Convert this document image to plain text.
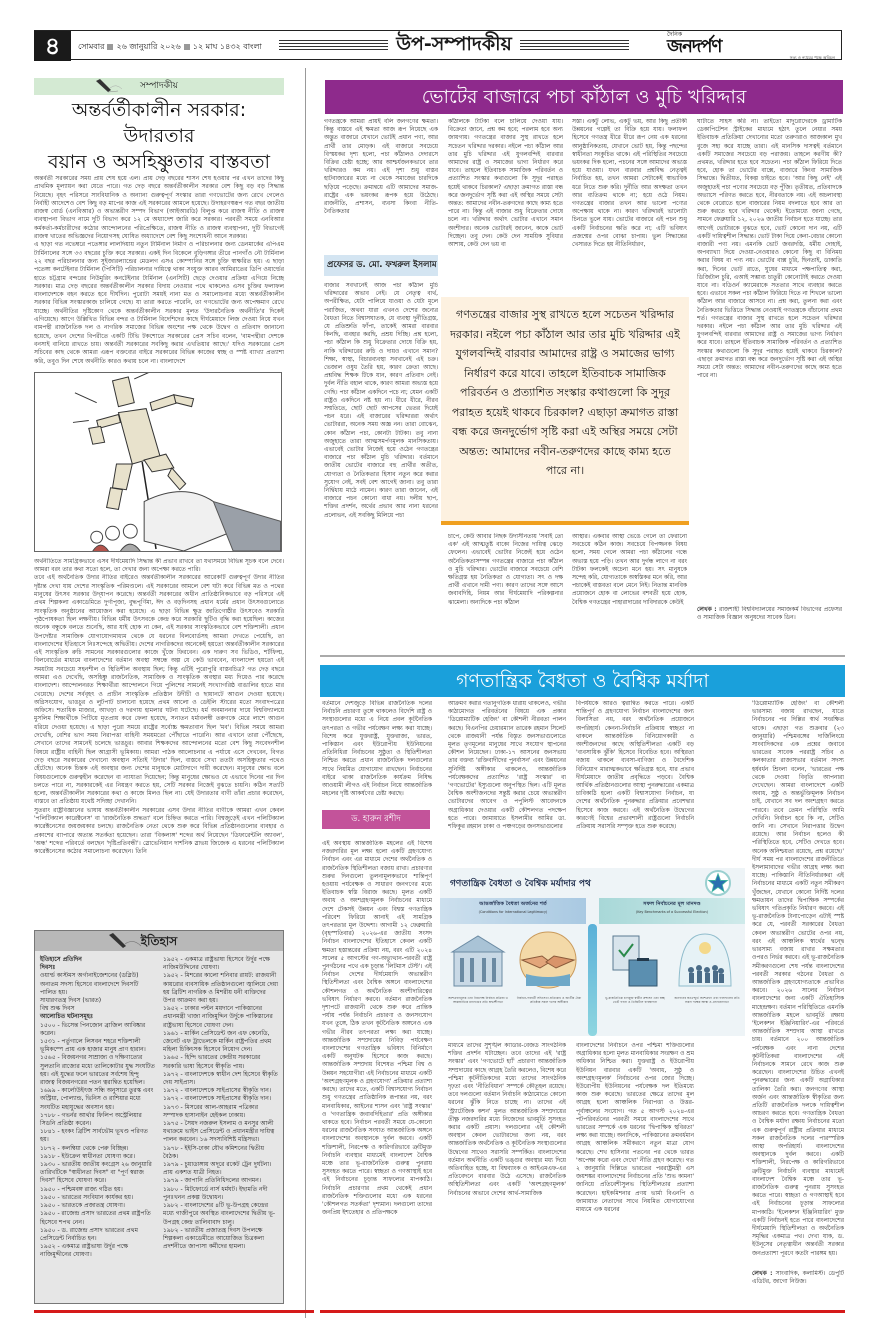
৪	সোমবার ২৬ জানুয়ারি ২০২৬ ১২ মাঘ ১৪৩২ বাংলা	উপ-সম্পাদকীয়	দৈনিক
জনদর্পণ
সত্য ও ন্যায়ের পক্ষে অবিচল
সম্পাদকীয়
অন্তর্বর্তীকালীন সরকার: উদারতার
বয়ান ও অসহিষ্ণুতার বাস্তবতা

অন্তর্বর্তী সরকারের সময় প্রায় শেষ হয়ে এল। প্রায় দেড় বছরের শাসন শেষ হওয়ার পর এখন তাদের কিছু প্রাথমিক মূল্যায়ন করা যেতে পারে। গত দেড় বছরে অন্তর্বর্তীকালীন সরকার বেশ কিছু বড় বড় সিদ্ধান্ত নিয়েছে। বৃহৎ পরিসরে সাংবিধানিক ও অন্যান্য গুরুত্বপূর্ণ সংস্কার তারা গণভোটের জন্য রেখে গেলেও নির্বাহী আদেশেও বেশ কিছু বড় মাপের কাজ এই সরকারের আমলে হয়েছে। উদাহরণস্বরূপ গত বছর জাতীয় রাজস্ব বোর্ড (এনবিআর) ও অভ্যন্তরীণ সম্পদ বিভাগ (আইআরডি) বিলুপ্ত করে রাজস্ব নীতি ও রাজস্ব ব্যবস্থাপনা বিভাগ নামে দুটি বিভাগ করে ১২ মে অধ্যাদেশ জারি করে সরকার। পরবর্তী সময়ে এনবিআর কর্মকর্তা-কর্মচারীদের কঠোর আন্দোলনের পরিপ্রেক্ষিতে, রাজস্ব নীতি ও রাজস্ব ব্যবস্থাপনা, দুটি বিভাগেই রাজস্ব খাতের অভিজ্ঞদের নিয়োগসহ ঘোষিত অধ্যাদেশে বেশ কিছু সংশোধনী আনে সরকার।

এ ছাড়া গত নভেম্বরে পতেঙ্গার লালদিয়ায় নতুন টার্মিনাল নির্মাণ ও পরিচালনার জন্য ডেনমার্কের এপিএম টার্মিনালের সঙ্গে ৩৩ বছরের চুক্তি করে সরকার। একই দিন বিকেলে বুড়িগঙ্গার তীরে পানগাঁও নৌ টার্মিনাল ২২ বছর পরিচালনার জন্য সুইজারল্যান্ডের মেডলগ এসএ কোম্পানির সঙ্গে চুক্তি স্বাক্ষরিত হয়। এ ছাড়া পতেঙ্গা কনটেইনার টার্মিনাল (পিসিটি) পরিচালনার দায়িত্বে থাকা সংযুক্ত আরব আমিরাতের ডিপি ওয়ার্ল্ডের হাতে চট্টগ্রাম বন্দরের নিউমুরিং কনটেইনার টার্মিনাল (এনসিটি) ছেড়ে দেওয়ার প্রক্রিয়া এগিয়ে নিচ্ছে সরকার। মাত্র দেড় বছরের অন্তর্বর্তীকালীন সরকার বিদায় নেওয়ার পথে থাকলেও এসব চুক্তির ফলাফল বাংলাদেশকে বহন করতে হবে দীর্ঘদিন। পুরোটা সময়ই নানা মত ও সমালোচনার মধ্যে অন্তর্বর্তীকালীন সরকার বিভিন্ন সংস্কারকাজ চালিয়ে গেছে। যা তারা করতে পারেনি, তা গণভোটের জন্য অপেক্ষমাণ রেখে যাচ্ছে। অর্থনীতির দৃষ্টিকোণ থেকে অন্তর্বর্তীকালীন সরকার মূলত 'উদারনৈতিক অর্থনীতি'র দিকেই এগিয়েছে। আগে উল্লিখিত বিভিন্ন বন্দর ও টার্মিনাল বিদেশিদের কাছে দীর্ঘমেয়াদে লিজ দেওয়া নিয়ে যখন বামপন্থী রাজনৈতিক দল ও নাগরিক সমাজের বিভিন্ন অংশের পক্ষ থেকে উদ্বেগ ও প্রতিবাদ জানানো হয়েছে, তখন দেশের বিপরীতে একটি টিভি টকশোতে সরকারের প্রেস সচিব বলেন, 'বামপন্থীরা দেশকে বনসাই বানিয়ে রাখতে চায়। অন্তর্বর্তী সরকারের সবকিছু করার এখতিয়ার আছে।' যদিও সরকারের প্রেস সচিবের কাছ থেকে আমরা এরূপ বক্তব্যের বাইরে সরকারের বিভিন্ন কাজের স্বচ্ছ ও স্পষ্ট ব্যাখ্যা প্রত্যাশা করি, তবুও দিন শেষে অর্থনীতি কারও কথায় চলে না। বাংলাদেশে

অর্থনীতিতে সামগ্রিকভাবে এসব দীর্ঘমেয়াদি সিদ্ধান্ত কী প্রভাব রাখবে তা যথাসময়ে বিভিন্ন সূচক বলে দেবে। আমরা বরং তার কথা সত্যে হলে, তা দেখার জন্য অপেক্ষা করতে পারি।

তবে এই অর্থনৈতিক উদার নীতির বাইরেও অন্তর্বর্তীকালীন সরকারের আরেকটি গুরুত্বপূর্ণ উদার নীতির দৃষ্টান্ত দেখা যায় দেশের সাংস্কৃতিক পরিমণ্ডলে। এই সরকারের আমলে বেশ ঘটা করে বিভিন্ন মত ও পথের মানুষের উৎসব সরকার উদ্‌যাপন করেছে। অন্তর্বর্তী সরকারের অধীন প্রাতিষ্ঠানিকভাবে বড় পরিসরে এই প্রথম শিল্পকলা একাডেমিতে দুর্গাপূজা, বুদ্ধপূর্ণিমা, ঈদ ও বড়দিনসহ প্রধান ধর্মের প্রধান উৎসবগুলোতে সাংস্কৃতিক অনুষ্ঠানের আয়োজন করা হয়েছে। এ ছাড়া বিভিন্ন ক্ষুদ্র জাতিগোষ্ঠীর উৎসবেও সরকারি পৃষ্ঠপোষকতা ছিল লক্ষণীয়। বিভিন্ন ধর্মীয় উৎসবকে কেন্দ্র করে সরকারি ছুটিও বৃদ্ধি করা হয়েছিল। কাজের অনেক বন্ধুকে বলতে শুনেছি, আর যাই হোক না কেন, এই সরকার সাংস্কৃতিকভাবে বেশ শক্তিশালী। প্রধান উপদেষ্টার সামাজিক যোগাযোগমাধ্যম থেকে যে ধরনের বিলবোর্ডসহ আমরা দেখতে পেয়েছি, তা বাংলাদেশের ইতিহাসে নিঃসন্দেহে অদ্বিতীয়। দেশের নাগরিকদের অনেকেই হয়তো অন্তর্বর্তীকালীন সরকারের এই সাংস্কৃতিক রুচি সামনের সরকারগুলোর কাজে খুঁজে ফিরবেন। এক দারুণ সব ভিডিও, শর্টফিল্ম, বিলবোর্ডের মাধ্যমে বাংলাদেশের বর্তমান অবস্থা সম্বন্ধে অল্প যে কেউ ভাববেন, বাংলাদেশ হয়তো এই সময়টায় সবচেয়ে সহনশীল ও স্থিতিশীল অবস্থায় ছিল; কিন্তু এটিই পুরোপুরি বাস্তবচিত্র? গত দেড় বছরে আমরা এও দেখেছি, অসহিষ্ণু রাজনৈতিক, সামাজিক ও সাংস্কৃতিক অবস্থার মধ্য দিয়েও পার করেছে বাংলাদেশ। আন্দোলনরত শিক্ষার্থীরা আন্দোলনে গিয়ে পুলিশের সামনেই সংখ্যাগরিষ্ঠ বাঙালির হাতে মার খেয়েছে। দেশের সর্ববৃহৎ ও প্রাচীন সাংস্কৃতিক প্রতিষ্ঠান উদীচী ও ছায়ানটে আগুন দেওয়া হয়েছে। অগ্নিসংযোগ, ভাঙচুর ও লুটপাট চালানো হয়েছে প্রথম আলো ও ডেইলি স্টারের মতো সংবাদপত্রের অফিসে। শতাধিক মাজার, আখড়া ও দরগায় হামলার ঘটনা ঘটেছে। ধর্ম অবমাননার দায়ে বিশ্ববিদ্যালয়ে মুসলিম শিক্ষার্থীকে পিটিয়ে মৃতপ্রায় করে ফেলা হয়েছে, সনাতন ধর্মাবলম্বী তরুণকে মেরে লাশে আগুন ধরিয়ে দেওয়া হয়েছে। এ ছাড়া পুরো সময়ে রাষ্ট্রের সর্বোচ্চ ক্ষমতাবান ছিল 'মব'। বিভিন্ন সময়ে আমরা দেখেছি, বেশির ভাগ সময় নিরাপত্তা বাহিনী সময়মতো পৌঁছাতে পারেনি। আর এখানে তারা পৌঁছেছে, সেখানে তাদের সামনেই চলেছে ভাঙচুর। আবার শিক্ষকদের আন্দোলনের মতো বেশ কিছু সংবেদনশীল বিষয়ে রাষ্ট্রীয় বাহিনী ছিল আগ্রাসী ভূমিকায়। আমরা পাঠক আলোচনার এ পর্যায়ে এসে দেখবেন, বিগত দেড় বছরে সরকারের দেখানো অবস্থান সত্যিই 'উদার' ছিল, বাস্তবে সেখা ততটা অসহিষ্ণুতার পথেও হেঁটেছে। অনেক চিন্তক এই অবস্থার জন্য দেশের মানুষকে মোটাদাগে দায়ী করেছেন। মানুষের ক্ষোভ বলে বিষয়গুলোকে গুরুত্বহীন করেছেন বা ন্যায্যতা দিয়েছেন; কিন্তু মানুষের ক্ষোভও যে এভাবে দিনের পর দিন চলতে পারে না, সরকারকেই এর নিয়ন্ত্রণ করতে হয়, সেটি সরকার নিজেই বুঝতে চায়নি। কঠিন সত্যটি হলো, অন্তর্বর্তীকালীন সরকারের কথা ও কাজে মিলও ছিল না। যেই উদারতার বাণী তাঁরা প্রচার করেছেন, বাস্তবে তা প্রতিষ্ঠায় যথেষ্ট সদিচ্ছা দেখাননি।

সুতরাং রাষ্ট্রবিজ্ঞানের ভাষায় অন্তর্বর্তীকালীন সরকারের এসব উদার নীতির বাণীকে আমরা এখন কেবল 'পলিটিক্যাল কারেক্টনেস' বা 'রাজনৈতিক শুদ্ধতা' বলে চিহ্নিত করতে পারি। বিশ্বজুড়েই এখন পলিটিক্যাল কারেক্টনেসের জয়জয়কার চলছে। রাজনৈতিক নেতা থেকে শুরু করে বিভিন্ন প্রতিষ্ঠানগুলোর ব্যবহার ও প্রকাশের ব্যাপারে অত্যন্ত সতর্কতা হয়েছেন। তারা 'বিকলাঙ্গ' শব্দের অর্থ নিয়েছেন 'ডিফারেন্টলি অ্যাবল', 'অন্ধ' শব্দের পরিবর্তে বলছেন 'দৃষ্টিপ্রতিবন্ধী'। স্লোভেনিয়ান দার্শনিক স্লাভয় জিজেক এ ধরনের পলিটিক্যাল কারেক্টনেসের কঠোর সমালোচনা করেছেন। তিনি

ইতিহাস
ইতিহাসে প্রতিদিন
দিবসঃ
ওয়ার্ল্ড কাস্টমস অর্গানাইজেশনের (ডব্লিউ) অন্যতম সদস্য হিসেবে বাংলাদেশে দিবসটি পালিত হয়।
সাধারণতন্ত্র দিবস (ভারত)
বিশ্ব শুল্ক দিবস
আলোচিত ঘটনাসমূহঃ
১৫০০ - ভিসেন্ত পিনজোন ব্রাজিল আবিষ্কার করেন।
১৫৩১ - পর্তুগালে লিসবন শহরে শক্তিশালী ভূমিকম্পে প্রায় এক হাজার মানুষ প্রাণ হারান।
১৫৬৫ - বিজয়নগর সাম্রাজ্য ও দক্ষিণাত্যের সুলতানি রাজ্যের মধ্যে তালিকোটার যুদ্ধ সংঘটিত হয়। এই যুদ্ধের ফলে ভারতের সর্বশেষ হিন্দু রাজত্ব বিজয়নগরের পতন ত্বরান্বিত হয়েছিল।
১৬৯৯ - কার্লোউইৎজ সন্ধি অনুসারে তুরস্ক এবং অস্ট্রিয়া, পোল্যান্ড, ভিনিস ও রাশিয়ার মধ্যে সংঘটিত মহাযুদ্ধের অবসান হয়।
১৭৮৮ - গভর্নর আর্থার ফিলিপ অস্ট্রেলিয়ার সিডনি প্রতিষ্ঠা করেন।
১৮৪১ - হংকং ব্রিটিশ সার্বভৌম ভূখণ্ড পরিণত হয়।
১৮৭২ - কলম্বিয়া থেকে পেরু বিচ্ছিন্ন।
১৯১৮ - ইউক্রেন স্বাধীনতা ঘোষণা করে।
১৯৩০ - ভারতীয় জাতীয় কংগ্রেস ২৬ জানুয়ারি তারিখটিকে "স্বাধীনতা দিবস" বা "পূর্ণ স্বরাজ দিবস" হিসেবে ঘোষণা করে।
১৯৫০ - পশ্চিমবঙ্গ রাজ্য গঠিত হয়।
১৯৫০ - ভারতের সংবিধান কার্যকর হয়।
১৯৫০ - ভারতকে প্রজাতন্ত্র ঘোষণা।
১৯৫০ - রাজেন্দ্র প্রসাদ ভারতের প্রথম রাষ্ট্রপতি হিসেবে শপথ নেন।
১৯৫০ - ড. রাজেন্দ্র প্রসাদ ভারতের প্রথম প্রেসিডেন্ট নির্বাচিত হন।
১৯৫২ - একমাত্র রাষ্ট্রভাষা উর্দুর পক্ষে নাজিমুদ্দীনের ঘোষণা।
১৯৫২ - একমাত্র রাষ্ট্রভাষা হিসেবে উর্দুর পক্ষে নাজিমউদ্দিনের ঘোষণা।
১৯৫২ - মিশরের কালো শনিবার রায়ট: রাজধানী কায়রোর ব্যবসায়িক প্রতিষ্ঠানগুলো জ্বালিয়ে দেয়া হয় ব্রিটিশ নাগরিক ও মিশরীয় ধনী ব্যক্তিদের উপর আক্রমণ করা হয়।
১৯৫২ - ঢাকার পল্টন ময়দানে পাকিস্তানের প্রধানমন্ত্রী খাজা নাজিমুদ্দিন উর্দুকে পাকিস্তানের রাষ্ট্রভাষা হিসেবে ঘোষণা দেন।
১৯৬১ - মার্কিন প্রেসিডেন্ট জন এফ কেনেডি, জেনেট এফ ট্রাভেলকে মার্কিন রাষ্ট্রপতির প্রথম মহিলা চিকিৎসক হিসেবে নিয়োগ দেন।
১৯৬৫ - হিন্দি ভারতের কেন্দ্রীয় সরকারের সরকারি ভাষা হিসেবে স্বীকৃতি পায়।
১৯৭২ - বাংলাদেশকে স্বাধীন দেশ হিসেবে স্বীকৃতি দেয় সাইপ্রাস।
১৯৭২ - বাংলাদেশকে সাইপ্রাসের স্বীকৃতি দান।
১৯৭২ - বাংলাদেশকে সাইপ্রাসের স্বীকৃতি দান।
১৯৭৩ - মিসরের আল-আহরাম পত্রিকার সম্পাদক হাসানাইন হেইকল ঢাকায়।
১৯৭৫ - সৈয়দ নজরুল ইসলাম ও মনসুর আলী যথাক্রমে ভাইস প্রেসিডেন্ট ও প্রধানমন্ত্রীর দায়িত্ব পালন করবেন। ১৬ সদস্যবিশিষ্ট মন্ত্রিসভা।
১৯৭৮ - ইইসি-ঢাকা যৌথ কমিশনের দ্বিতীয় বৈঠক।
১৯৭৯ - চুয়াডাঙ্গায় অদূরে রকেট ট্রেন দুর্ঘটনা। প্রায় একশত যাত্রী নিহত।
১৯৭৯ - জাপানি প্রতিনিধিদলের আগমন।
১৯৮০ - মিটফোর্ডে নার্স ধর্মঘট। ইছামতি নদী পুনঃখনন প্রকল্প উদ্বোধন।
১৯৮২ - বাংলাদেশের ৪টি ভূ-উপগ্রহ কেন্দ্রের মধ্যে গাজীপুরে অবস্থিত বাংলাদেশের দ্বিতীয় ভূ-উপগ্রহ কেন্দ্র তালিবাবাদ চালু।
১৯৮২ - ভারতীয় প্রজাতন্ত্র দিবস উপলক্ষে শিল্পকলা একাডেমীতে আয়োজিত চিত্রকলা প্রদর্শনীতে জাপাসা কর্মীদের হামলা।
ভোটের বাজারে পচা কাঁঠাল ও মুচি খরিদ্দার
গণতন্ত্রকে আমরা প্রায়ই বলি জনগণের ক্ষমতা। কিন্তু বাস্তবে এই ক্ষমতা আজ রূপ নিয়েছে এক অদ্ভুত বাজারে যেখানে ভোটই প্রধান পণ্য, আর প্রার্থী তার মোড়ক। এই বাজারে সবচেয়ে বিস্ময়কর দৃশ্য হলো, পচা কাঁঠালও দেদারসে বিক্রির চেষ্টা হচ্ছে; আর আশ্চর্যজনকভাবে তার খরিদ্দারও কম নয়। এই দৃশ্য শুধু বাস্তব হাটবাজারের মধ্যে না থেকে সমাজের চারদিকে ছড়িয়ে পড়েছে। ক্রমান্বয়ে এটি আমাদের সমাজ-রাষ্ট্রের এক ভয়ংকর রূপক হয়ে উঠেছে। রাজনীতি, প্রশাসন, ব্যবসা কিংবা নীতি-নৈতিকতার
প্রফেসর ড. মো. ফখরুল ইসলাম
বাজার সবখানেই আজ পচা কাঁঠাল মুচি খরিদ্দারের অভাব নেই। যে নেতৃত্ব ব্যর্থ, অপরীক্ষিত, যেটা পালিয়ে যাওয়া ও যেটা মূলে পরাজিত, অথবা যারা এখনও দেশের জন্যের বৈধতা নিতে বিশ্বাসঘাতক, যে ব্যবস্থা দুর্নীতিগ্রস্ত, যে প্রতিশ্রুতি ফাঁপা, তাকেই আমরা বারবার কিনছি, ব্যবহার করছি, প্রশ্রয় দিচ্ছি। প্রশ্ন হলো, পচা কাঁঠাল কি শুধু বিক্রেতার দোষে বিক্রি হয়, নাকি খরিদ্দারের রুচি ও দায়ও এখানে সমান? শিক্ষা, স্বাস্থ্য, বিচারব্যবস্থা সবখানেই এই চক্র। ভেজাল ওষুধ তৈরি হয়, কারণ ক্রেতা আছে। প্রশ্নবিদ্ধ শিক্ষক টিকে যান, কারণ প্রতিবাদ নেই। দুর্বল নীতি বহাল থাকে, কারণ আমরা অভ্যস্ত হয়ে গেছি। পচা কাঁঠাল একদিনে পচে না; যেমন একটি রাষ্ট্রও একদিনে নষ্ট হয় না। ধীরে ধীরে, নীরব সম্মতিতে, ছোট ছোট আপসের ভেতর দিয়েই পচন ধরে। এই বাজারের খরিদ্দাররা অর্থাৎ ভোটাররা, অনেক সময় অজ্ঞ নন। তারা বোঝেন, কোন কাঁঠাল পচা, কোনটা টাটকা। তবু নানা অজুহাতে তারা আত্মসমর্পণমূলক মানসিকতায়। এভাবেই ভোটার নিজেই হয়ে ওঠেন গণতন্ত্রের বাজারে পচা কাঁঠাল মুচি খরিদ্দার। বর্তমানে জাতীয় ভোটের বাজারে বহু প্রার্থীর অতীত, যোগ্যতা ও নৈতিকতার হিসাব নতুন করে করার সুযোগ নেই, সবই বেশ আগেই জানা। তবু তারা নির্দ্বিধায় মাঠে নামেন। কারণ তারা জানেন, এই বাজারে পচন কোনো বাধা নয়। দলীয় ছাপ, শক্তির প্রদর্শন, অর্থের প্রভাব আর নানা ধরনের প্রলোভন, এই সবকিছু মিলিয়ে পচা
কাঁঠালকে টাটকা বলে চালিয়ে দেওয়া যায়। বিক্রেতা জানে, প্রশ্ন কম হবে; পরলাম হবে অন্য জায়গায়। গণতন্ত্রের বাজার সুস্থ রাখতে হলে সচেতন খরিদ্দার দরকার। নইলে পচা কাঁঠাল আর তার মুচি খরিদ্দার এই যুগলবন্দিই বারবার আমাদের রাষ্ট্র ও সমাজের ভাগ্য নির্ধারণ করে যাবে। তাহলে ইতিবাচক সামাজিক পরিবর্তন ও প্রত্যাশিত সংস্কার কথাগুলো কি সুদূর পরাহত হয়েই থাকবে চিরকাল? এছাড়া ক্রমাগত রাস্তা বন্ধ করে জনদুর্ভোগ সৃষ্টি করা এই অস্থির সময়ে সেটা অন্তত: আমাদের নবীন-তরুণদের কাছে কাম্য হতে পারে না। কিন্তু এই বাজার শুধু বিক্রেতার দোষে চলে না। খরিদ্দার অর্থাৎ ভোটার এখানে সমান অংশীদার। অনেক ভোটারই জানেন, কাকে ভোট দিচ্ছেন। তবু দেন। কেউ দেন সাময়িক সুবিধার আশায়, কেউ দেন ভয় বা
চাপে, কেউ আবার নিছক উদাসীনতায় 'সবাই তো এক' এই আত্মতুষ্ট বাক্যে নিজের দায়িত্ব ঝেড়ে ফেলেন। এভাবেই ভোটার নিজেই হয়ে ওঠেন অনৈতিকতাসম্পন্ন গণতন্ত্রের বাজারে পচা কাঁঠাল ও মুচি খরিদ্দার। ভোটের বাজারে সবচেয়ে বেশি ক্ষতিগ্রস্ত হয় নৈতিকতা ও যোগ্যতা। সৎ ও দক্ষ প্রার্থী এখানে দামী পণ্য। কারণ তাদের সঙ্গে আসে জবাবদিহি, নিয়ম আর দীর্ঘমেয়াদি পরিকল্পনার ঝামেলা। অন্যদিকে পচা কাঁঠাল
সস্তা। একটু লোভ, একটু ভয়, আর কিছু প্রতীকী উন্নয়নের গল্পেই তা বিক্রি হয়ে যায়। ফলাফল হিসেবে গণতন্ত্র ধীরে ধীরে রূপ নেয় এক ধরনের আনুষ্ঠানিকতায়, যেখানে ভোট হয়, কিন্তু পছন্দের স্বাধীনতা সংকুচিত থাকে। এই পরিস্থিতির সবচেয়ে ভয়ংকর দিক হলো, পচনের সঙ্গে আমাদের অভ্যস্ত হয়ে যাওয়া। যখন বারবার প্রশ্নবিদ্ধ নেতৃত্বই নির্বাচিত হয়, তখন আমরা সেটাকেই স্বাভাবিক ধরে নিতে শুরু করি। দুর্নীতি আর অদক্ষতা তখন আর ব্যতিক্রম থাকে না; হয়ে ওঠে নিয়ম। গণতন্ত্রের বাজার তখন আর ভালো পণ্যের অপেক্ষায় থাকে না। কারণ খরিদ্দারই ভালোটা চিনতে ভুলে যায়। ভোটের বাজারে এই পচন শুধু একটি নির্বাচনের ক্ষতি করে না; এটি ভবিষ্যৎ প্রজন্মের ওপর বোঝা চাপায়। ভুল সিদ্ধান্তের খেসারত দিতে হয় নীতিনির্ধারণ,
আস্থার। একবার আস্থা ভেঙে গেলে তা ফেরানো সবচেয়ে কঠিন কাজ। সবচেয়ে বিপজ্জনক বিষয় হলো, সময় গেলে আমরা পচা কাঁঠালের গন্ধে অভ্যস্ত হয়ে পড়ি। তখন আর দুর্গন্ধ লাগে না বরং টাটকা ফলকেই অচেনা মনে হয়। সৎ মানুষকে সন্দেহ করি, যোগ্যতাকে অস্বস্তিকর মনে করি, আর পচাকেই বাস্তবতা বলে মেনে নিই। নিতান্ত মানবিক প্রয়োজনে হোক বা লোভের বশবর্তী হয়ে হোক, বৈশ্বিক গণতন্ত্রের পাহারাদারের দাবিদারকে কেউই
ঘাটাতে সাহস করি না। তাইতো মাদুরোদেরকে ড্রামাটিক ডেকাপিটেশন স্ট্রাইকের মাধ্যমে হঠাৎ তুলে নেয়ার সময় ইতিবাচক প্রতিক্রিয়া দেখানোর মতো তরুণরাও আজকাল মুখ বুজে সহ্য করে যাচ্ছে তারা। এই মানসিক দাসত্বই বর্তমানে একটি সমাজের সবচেয়ে বড় পরাজয়। তাহলে করণীয় কী? প্রথমত, খরিদ্দার হতে হবে সচেতন। পচা কাঁঠাল ফিরিয়ে দিতে হবে, হোক তা ভোটের বাক্সে, বাজারে কিংবা সামাজিক সিদ্ধান্তে। দ্বিতীয়ত, বিকল্প চাইতে হবে। 'আর কিছু নেই' এই অজুহাতই পচা পণ্যের সবচেয়ে বড় পুঁজি। তৃতীয়ত, প্রতিবাদকে অভ্যাসে পরিণত করতে হবে, নীরবতাকে নয়। এই অচলাবস্থা থেকে বেরোতে হলে বাজারের নিয়ম বদলাতে হবে আর তা শুরু করতে হবে খরিদ্দার থেকেই। ইতোমধ্যে জানা গেছে, সামনে ফেব্রুয়ারি ১২, ২০২৬ জাতীয় নির্বাচন হতে যাচ্ছে। তার আগেই ভোটারকে বুঝতে হবে, ভোট কোনো দান নয়, এটি একটি দায়িত্বশীল সিদ্ধান্ত। ভোট টাকা দিয়ে কেনা-বেচার কোনো বাজারী পণ্য নয়। এমনকি ভোট জবরদস্তি, ধর্মীয় দোহাই, অপব্যাখ্যা দিয়ে দেওয়া-নেওয়ারও কোনো কিছু বা বিনিময় করার বিষয় বা পণ্য নয়। ভোটের বাক্স চুরি, ছিনতাই, ডাকাতি করা, দিনের ভোট রাতে, ঘুষের মাধ্যমে পক্ষপাতিত্ব করা, ডিজিটাল চুরি, এআই সম্ভাব্য চাতুরী কোনোটাই করতে দেওয়া যাবে না। বডিওর্ন ক্যামেরাকে সততার সাথে ব্যবহার করতে হবে। এভাবে সকল পচা কাঁঠাল ফিরিয়ে দিতে না শিখলে ভালো কাঁঠাল আর বাজারে আসবে না। প্রশ্ন করা, তুলনা করা এবং নৈতিকতার ভিত্তিতে সিদ্ধান্ত নেওয়াই গণতন্ত্রকে বাঁচানোর প্রথম শর্ত। গণতন্ত্রের বাজার সুস্থ রাখতে হলে সচেতন খরিদ্দার দরকার। নইলে পচা কাঁঠাল আর তার মুচি খরিদ্দার এই যুগলবন্দিই বারবার আমাদের রাষ্ট্র ও সমাজের ভাগ্য নির্ধারণ করে যাবে। তাহলে ইতিবাচক সামাজিক পরিবর্তন ও প্রত্যাশিত সংস্কার কথাগুলো কি সুদূর পরাহত হয়েই থাকবে চিরকাল? এছাড়া ক্রমাগত রাস্তা বন্ধ করে জনদুর্ভোগ সৃষ্টি করা এই অস্থির সময়ে সেটা অন্তত: আমাদের নবীন-তরুণদের কাছে কাম্য হতে পারে না।
লেখক : রাজশাহী বিশ্ববিদ্যালয়ের সমাজকর্ম বিভাগের প্রফেসর ও সামাজিক বিজ্ঞান অনুষদের সাবেক ডিন।
গণতন্ত্রের বাজার সুস্থ রাখতে হলে সচেতন খরিদ্দার দরকার। নইলে পচা কাঁঠাল আর তার মুচি খরিদ্দার এই যুগলবন্দিই বারবার আমাদের রাষ্ট্র ও সমাজের ভাগ্য নির্ধারণ করে যাবে। তাহলে ইতিবাচক সামাজিক পরিবর্তন ও প্রত্যাশিত সংস্কার কথাগুলো কি সুদূর পরাহত হয়েই থাকবে চিরকাল? এছাড়া ক্রমাগত রাস্তা বন্ধ করে জনদুর্ভোগ সৃষ্টি করা এই অস্থির সময়ে সেটা অন্তত: আমাদের নবীন-তরুণদের কাছে কাম্য হতে পারে না।
গণতান্ত্রিক বৈধতা ও বৈশ্বিক মর্যাদা
বর্তমানে দেশজুড়ে বিভিন্ন রাজনৈতিক দলের নির্বাচনি প্রচারণা তুঙ্গে থাকলেও বিদেশি রাষ্ট্র ও সংস্থাগুলোর মধ্যে এ নিয়ে প্রবল কূটনৈতিক তৎপরতা ও গভীর পর্যবেক্ষণ লক্ষ্য করা যাচ্ছে। বিশেষ করে যুক্তরাষ্ট্র, যুক্তরাজ্য, ভারত, পাকিস্তান এবং ইউরোপীয় ইউনিয়নের প্রতিনিধিরা নির্বাচনের সুষ্ঠুতা ও স্থিতিশীলতা নিশ্চিত করতে প্রধান রাজনৈতিক দলগুলোর সাথে নিয়মিত যোগাযোগ রাখছেন। নির্বাচনের বাইরে থাকা রাজনৈতিক কার্যক্রম নিষিদ্ধ আওয়ামী লীগও এই নির্বাচন নিয়ে আন্তর্জাতিক মহলের দৃষ্টি আকর্ষণের চেষ্টা করছে।
ড. হারুন রশীদ
এই অবস্থায় আন্তর্জাতিক মহলের এই বিশেষ নজরদারির মূল লক্ষ্য হলো একটি গ্রহণযোগ্য নির্বাচন এবং এর মাধ্যমে দেশের অর্থনৈতিক ও রাজনৈতিক স্থিতিশীলতা বজায় রাখা। প্রচারণার শুরুর দিনগুলো তুলনামূলকভাবে শান্তিপূর্ণ হওয়ায় পর্যবেক্ষক ও সাধারণ জনগণের মধ্যে ইতিবাচক স্বস্তি বিরাজ করছে। মূলত একটি অবাধ ও অংশগ্রহণমূলক নির্বাচনের মাধ্যমে দেশে টেকসই উন্নয়ন এবং বিশ্বস্ত গণতান্ত্রিক পরিবেশ ফিরিয়ে আনাই এই সামগ্রিক তৎপরতার মূল উদ্দেশ্য। আগামী ১২ ফেব্রুয়ারি (বৃহস্পতিবার) ২০২৬-এর জাতীয় সংসদ নির্বাচন বাংলাদেশের ইতিহাসে কেবল একটি ক্ষমতা হস্তান্তরের প্রক্রিয়া নয়, বরং এটি ২০২৪ সালের ৫ আগস্টের গণ-অভ্যুত্থান-পরবর্তী রাষ্ট্র পুনর্গঠনের পথে এক চূড়ান্ত 'লিটমাস টেস্ট'। এই নির্বাচন দেশের দীর্ঘমেয়াদি অভ্যন্তরীণ স্থিতিশীলতা এবং বৈশ্বিক অঙ্গনে বাংলাদেশের কৌশলগত ও অর্থনৈতিক অংশীদারিত্বের ভবিষ্যৎ নির্ধারণ করবে। বর্তমান রাজনৈতিক দৃশ্যপটে রাজধানী থেকে শুরু করে প্রান্তিক পর্যায় পর্যন্ত নির্বাচনি প্রচারণা ও জনসংযোগ যখন তুঙ্গে, ঠিক তখন কূটনৈতিক অঙ্গনেও এক গভীর নীরব তৎপরতা লক্ষ্য করা যাচ্ছে। আন্তর্জাতিক সম্প্রদায়ের নিবিড় পর্যবেক্ষণ বাংলাদেশের গণতান্ত্রিক ভবিষ্যৎ বিনির্মাণে একটি অনুঘটক হিসেবে কাজ করছে। আন্তর্জাতিক সম্প্রদায় বিশেষত পশ্চিমা বিশ্ব ও উন্নয়ন সহযোগীরা এই নির্বাচনের মাধ্যমে একটি 'অংশগ্রহণমূলক ও গ্রহণযোগ্য' প্রক্রিয়ার প্রত্যাশা করছে। তাদের মতে, একটি বিশ্বাসযোগ্য নির্বাচন শুধু গণতন্ত্রের প্রাতিষ্ঠানিক রূপান্তর নয়, বরং মানবাধিকার, আইনের শাসন এবং 'রাষ্ট্র সংস্কার' ও 'গণতান্ত্রিক জবাবদিহিতার' প্রতি অঙ্গীকার থাকতে হবে। নির্বাচন পরবর্তী সময়ে যে-কোনো ধরনের রাজনৈতিক সংঘাত আন্তর্জাতিক অঙ্গনে বাংলাদেশের অবস্থানকে দুর্বল করবে। একটি শক্তিশালী, নিরপেক্ষ ও কারিগরিভাবে ত্রুটিমুক্ত নির্বাচনি ব্যবস্থার মাধ্যমেই বাংলাদেশ বৈশ্বিক মঞ্চে তার ভূ-রাজনৈতিক গুরুত্ব পুনরায় সুসংহত করতে পারে। স্বচ্ছতা ও গণআস্থাই হবে এই নির্বাচনের চূড়ান্ত সাফল্যের মাপকাঠি। নির্বাচনি প্রচারণার প্রথম থেকেই প্রধান রাজনৈতিক শক্তিগুলোর মধ্যে এক ধরনের 'কৌশলগত সতর্কতা' দৃশ্যমান। দলগুলো তাদের জনপ্রিয় ইশতেহার ও প্রতিপক্ষকে
আক্রমণ করার গতানুগতিক ধারায় থাকলেও, গভীর কাঠামোগত পরিবর্তনের বিষয়ে এক প্রকার 'ডিপ্লোম্যাটিক হেজিং' বা কৌশলী নীরবতা পালন করছে। বিএনপির চেয়ারম্যান তারেক রহমান সিলেট থেকে রাজধানী পর্যন্ত বিস্তৃত জনসভাগুলোতে মূলত তৃণমূলের মানুষের সাথে সংযোগ স্থাপনের কৌশল নিয়েছেন। ঢাকা-১৭ আসনের জনসভায় তার বক্তব্য 'রক্তিবাদীদের পুনর্বাসন' এবং উন্নয়নের সুনির্দিষ্ট অঙ্গীকার থাকলেও, আন্তর্জাতিক পর্যবেক্ষকদের প্রত্যাশিত 'রাষ্ট্র সংস্কার' বা 'গণভোটের' ইস্যুগুলো অনুপস্থিত ছিল। এটি মূলত বৈশ্বিক অংশীজনদের সন্তুষ্ট করার চেয়ে অভ্যন্তরীণ ভোটারদের আবেগ ও পপুলিস্ট আবেদনকে অগ্রাধিকার দেওয়ার একটি কৌশলগত পদক্ষেপ হতে পারে। জামায়াতে ইসলামীর আমির ডা. শফিকুর রহমান ঢাকা ও পঞ্চগড়ের জনসভাগুলোর
মাধ্যমে তাদের সুশৃঙ্খল ক্যাডার-বেজড সাংগঠনিক শক্তির প্রদর্শন ঘটাচ্ছেন। তবে তাদের এই 'রাষ্ট্র সংস্কার' এবং 'গণভোটে হ্যাঁ' প্রচারণা আন্তর্জাতিক সম্প্রদায়ের কাছে আগ্রহ তৈরি করলেও, বিশেষ করে পশ্চিমা কূটনীতিকদের মধ্যে তাদের সাংগঠনিক দৃঢ়তা এবং 'নীতিবিধান' সম্পর্কে কৌতূহল রয়েছে। তবে দলগুলো বর্তমান নির্বাচনি কাঠামোতে কোনো ধরনের ঝুঁকি নিতে চাচ্ছে না। তাদের এই 'স্ট্র্যাটেজিক কশন' মূলত আন্তর্জাতিক সম্প্রদায়ের তীক্ষ্ণ নজরদারির মধ্যে নিজেদের ভাবমূর্তি সুসংহত করার একটি প্রয়াস। দলগুলোর এই কৌশলী অবস্থান কেবল ভোটারদের জন্য নয়, বরং আন্তর্জাতিক অর্থনৈতিক ও কূটনৈতিক সংস্থাগুলোর উদ্বেগের সাথেও সরাসরি সম্পর্কিত। বাংলাদেশের বর্তমান অর্থনীতি একটি ভঙ্গুর অবস্থার মধ্য দিয়ে অতিবাহিত হচ্ছে, যা বিশ্বব্যাংক ও আইএমএফ-এর প্রতিবেদনে বারবার উঠে এসেছে। রাজনৈতিক অস্থিতিশীলতা এবং একটি 'অংশগ্রহণমূলক' নির্বাচনের অভাবে দেশের আর্থ-সামাজিক
বিপর্যয়কে আরও ত্বরান্বিত করতে পারে। একটি শান্তিপূর্ণ ও গ্রহণযোগ্য নির্বাচন বাংলাদেশের জন্য বিলাসিতা নয়, বরং অর্থনৈতিক প্রয়োজনে অপরিহার্য। কেননা-নির্বাচনি প্রক্রিয়ায় স্বচ্ছতা না থাকলে আন্তর্জাতিক বিনিয়োগকারী ও অংশীজনদের কাছে অস্থিতিশীলতা একটি বড় 'ব্যবসায়িক ঝুঁকি' হিসেবে বিবেচিত হবে। অস্থিরতা বজায় থাকলে ব্যবসা-বাণিজ্য ও বৈদেশিক বিনিয়োগ মারাত্মকভাবে ক্ষতিগ্রস্ত হবে, যার প্রভাব দীর্ঘমেয়াদে জাতীয় প্রবৃদ্ধিতে পড়বে। বৈশ্বিক আর্থিক প্রতিষ্ঠানগুলোর আস্থা পুনরুদ্ধারের একমাত্র চাবিকাঠি হলো একটি বিশ্বাসযোগ্য নির্বাচন, যা দেশের অর্থনৈতিক পুনরুদ্ধার প্রক্রিয়ার প্রবেশদ্বার হিসেবে কাজ করবে। এই অর্থনৈতিক উদ্বেগের কারণেই বিশ্বের প্রভাবশালী রাষ্ট্রগুলো নির্বাচনি প্রক্রিয়ায় সরাসরি সম্পৃক্ত হতে শুরু করেছে।
বাংলাদেশের নির্বাচনে ওপর পশ্চিমা শক্তিগুলোর অগ্রাধিকার হলো মূলত মানবাধিকার সংরক্ষণ ও শ্রম অধিকার নিশ্চিত করা। যুক্তরাষ্ট্র ও ইউরোপীয় ইউনিয়ন বারবার একটি 'অবাধ, সুষ্ঠু ও অংশগ্রহণমূলক' নির্বাচনের ওপর জোর দিচ্ছে। ইউরোপীয় ইউনিয়নের পর্যবেক্ষক দল ইতিমধ্যে কাজ শুরু করেছে। ভারতের ক্ষেত্রে তাদের মূল আগ্রহ হলো আঞ্চলিক নিরাপত্তা ও উত্তর-পূর্বাঞ্চলের সংযোগ। গত ৫ আগস্ট ২০২৪-এর পটপরিবর্তনের পরবর্তী সময়ে বাংলাদেশের সাথে ভারতের সম্পর্কে এক ধরনের 'দ্বিপাক্ষিক স্থবিরতা' লক্ষ্য করা যাচ্ছে। অন্যদিকে, পাকিস্তানের ক্রমবর্ধমান আগ্রহ আঞ্চলিক সমীকরণে নতুন মাত্রা যোগ করেছে। শেখ হাসিনার পতনের পর থেকে ভারত 'অপেক্ষা করো এবং দেখো' নীতি গ্রহণ করেছে। গত ২ জানুয়ারি দিল্লিতে ভারতের পররাষ্ট্রমন্ত্রী এস জয়শঙ্কর বাংলাদেশের নির্বাচনের প্রতি 'শুভ কামনা' জানিয়ে প্রতিবেশীসুলভ স্থিতিশীলতার প্রত্যাশা করেছেন। হাইকমিশনার প্রণয় ভার্মা বিএনপি ও জামায়াত নেতাদের সাথে নিয়মিত যোগাযোগের মাধ্যমে এক ধরনের
'ডিপ্লোম্যাটিক হেজিং' বা কৌশলী ভারসাম্য বজায় রাখছেন, যাতে নির্বাচনের পর দিল্লির স্বার্থ সংরক্ষিত থাকে। এছাড়া গত শুক্রবার (২৩ জানুয়ারি) পশ্চিমবঙ্গের দার্জিলিংয়ে সাংবাদিকদের এক প্রশ্নের জবাবে ভারতের সাবেক পররাষ্ট্র সচিব ও কলকাতার রাজ্যসভার বর্তমান সদস্য হর্ষবর্ধন শ্রিংলা বলেন, 'ভারতের পক্ষ থেকে দেওয়া বিবৃতি আপনারা দেখেছেন। আমরা বাংলাদেশে একটি অবাধ, সুষ্ঠু ও অন্তর্ভুক্তিমূলক নির্বাচন চাই, যেখানে সব দল অংশগ্রহণ করতে পারবে। তবে তেমন পরিস্থিতি আমি দেখিনি। নির্বাচন হবে কি না, সেটিও জানি না। সেখানে নিরাপত্তার উদ্বেগ রয়েছে। আর নির্বাচন হলেও কী পরিস্থিতিতে হবে, সেটিও দেখতে হবে। অনেক অনিশ্চয়তা রয়েছে, প্রশ্ন রয়েছে।' দীর্ঘ সময় পর বাংলাদেশের রাজনীতিতে ইসলামাবাদের গভীর আগ্রহ লক্ষ্য করা যাচ্ছে। পাকিস্তানি নীতিনির্ধারকরা এই নির্বাচনের মাধ্যমে একটি নতুন সমীকরণ খুঁজছেন, যেখানে কোনো নির্দিষ্ট দলের ক্ষমতায়ন তাদের দ্বিপাক্ষিক সম্পর্কের ভবিষ্যৎ গতিপ্রকৃতি নির্ধারণ করবে। এই ভূ-রাজনৈতিক টানাপোড়েন এটাই স্পষ্ট করে যে, পরবর্তী সরকারের বৈধতা কেবল অভ্যন্তরীণ ভোটের ওপর নয়, বরং এই আঞ্চলিক স্বার্থের দ্বন্দ্বে ভারসাম্য বজায় রাখার সক্ষমতার ওপরও নির্ভর করবে। এই ভূ-রাজনৈতিক সমীকরণগুলো শেষ পর্যন্ত বাংলাদেশের পরবর্তী সরকার গঠনের বৈধতা ও আন্তর্জাতিক গ্রহণযোগ্যতাকে প্রভাবিত করবে। ২০২৬ সালের নির্বাচন বাংলাদেশের জন্য একটি ঐতিহাসিক মাহেন্দ্রক্ষণ। বর্তমান পরিস্থিতিতে এমনকি আন্তর্জাতিক মহলে ভাবমূর্তি রক্ষায় 'ইলেকশন ইঞ্জিনিয়ারিং'-এর পরিবর্তে আন্তর্জাতিক সম্প্রদায় আস্থা রাখতে চায়। বর্তমানে ২০০ আন্তর্জাতিক পর্যবেক্ষক এবং নানা দেশের কূটনীতিকরা বাংলাদেশের এই নির্বাচনকে সামনে রেখে কাজ শুরু করেছেন। বাংলাদেশের উচিত এখনই পুনরুদ্ধারের জন্য একটি অগ্রাধিকার তালিকা তৈরি করা। জনগণের আস্থা অর্জন এবং আন্তর্জাতিক স্বীকৃতির জন্য প্রতিটি রাজনৈতিক দলকে দায়িত্বশীল আচরণ করতে হবে। গণতান্ত্রিক বৈধতা ও বৈশ্বিক মর্যাদা রক্ষায় নির্বাচনের মতো এক গুরুত্বপূর্ণ রাষ্ট্রীয় প্রক্রিয়ার মাধ্যমে সকল রাজনৈতিক দলের পারস্পরিক আস্থা অপরিহার্য। বাংলাদেশের অবস্থানকে দুর্বল করবে। একটি শক্তিশালী, নিরপেক্ষ ও কারিগরিভাবে ত্রুটিমুক্ত নির্বাচনি ব্যবস্থার মাধ্যমেই বাংলাদেশ বৈশ্বিক মঞ্চে তার ভূ-রাজনৈতিক গুরুত্ব পুনরায় সুসংহত করতে পারে। স্বচ্ছতা ও গণআস্থাই হবে এই নির্বাচনের চূড়ান্ত সাফল্যের মাপকাঠি। 'ইলেকশন ইঞ্জিনিয়ারিং' মুক্ত একটি নির্বাচনই হতে পারে বাংলাদেশের দীর্ঘমেয়াদি স্থিতিশীলতা ও অর্থনৈতিক সমৃদ্ধির একমাত্র পথ। দেখা যাক, ড. ইউনূসের নেতৃত্বাধীন অন্তর্বর্তী সরকার জনপ্রত্যাশা পূরণে কতটা পারঙ্গম হয়।
লেখক : সাংবাদিক, কলামিস্ট। ডেপুটি এডিটর, জাগো নিউজ।
গণতান্ত্রিক বৈধতা ও বৈশ্বিক মর্যাদার পথ
আন্তর্জাতিক বৈধতা অর্জনের শর্ত
(Conditions for International Legitimacy)
সফল নির্বাচনের মূল মানদণ্ড
(Key Benchmarks of a Successful Election)
অংশগ্রহণমূলক এবং নিরপেক্ষ নির্বাচন প্রক্রিয়া ও আন্তর্জাতিক মানদণ্ডের প্রতি শ্রদ্ধাশীলতা
নির্বাচন-পরবর্তী সহিংসতা প্রতিরোধ ও জাতীয় ঐক্য প্রতিষ্ঠায় সকল দলের অঙ্গীকার
ভূ-রাজনৈতিক চাপমুক্ত স্বাধীন প্রশাসন এবং স্বচ্ছ ভোট গণনা ও ডিজিটাল ব্যবস্থাপনা
জনগণের স্বতঃস্ফূর্ত অংশগ্রহণ এবং ফলাফলের প্রতি সকল পক্ষের আস্থা ও গ্রহণযোগ্যতা
